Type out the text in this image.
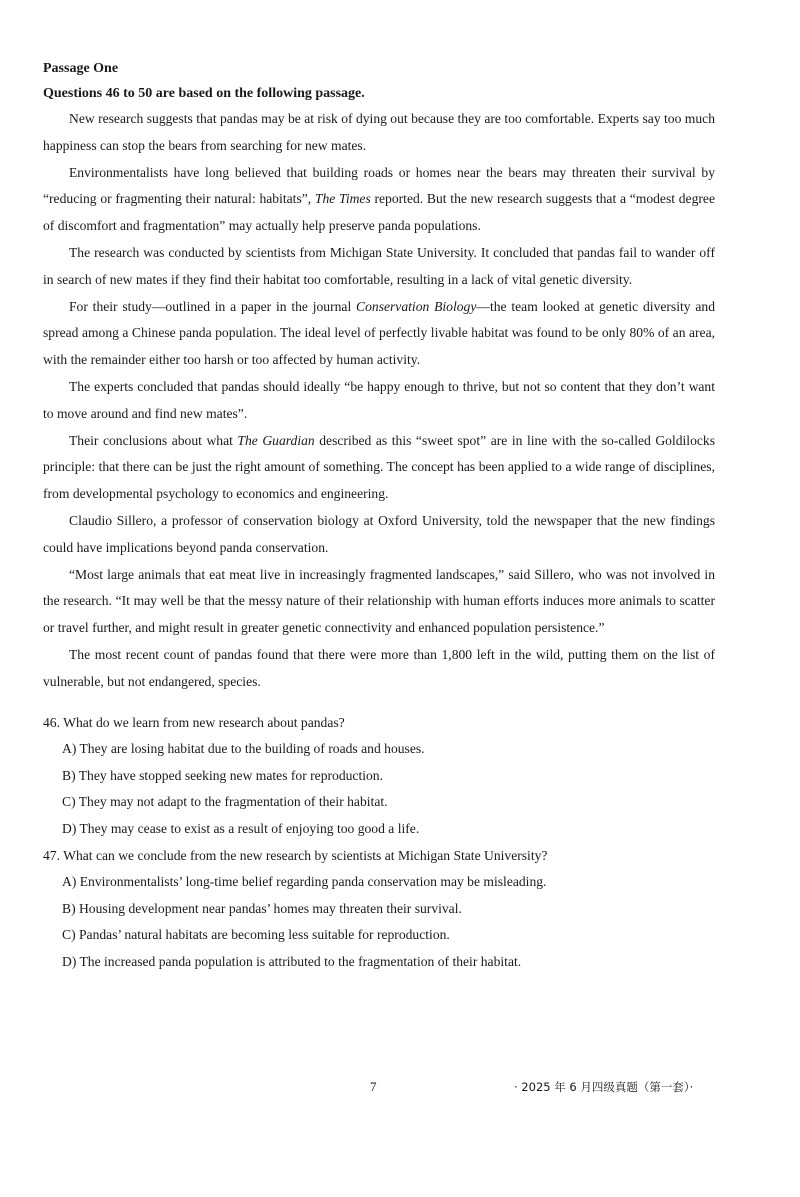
Passage One

Questions 46 to 50 are based on the following passage.

New research suggests that pandas may be at risk of dying out because they are too comfortable. Experts say too much happiness can stop the bears from searching for new mates.

Environmentalists have long believed that building roads or homes near the bears may threaten their survival by “reducing or fragmenting their natural: habitats”, The Times reported. But the new research suggests that a “modest degree of discomfort and fragmentation” may actually help preserve panda populations.

The research was conducted by scientists from Michigan State University. It concluded that pandas fail to wander off in search of new mates if they find their habitat too comfortable, resulting in a lack of vital genetic diversity.

For their study—outlined in a paper in the journal Conservation Biology—the team looked at genetic diversity and spread among a Chinese panda population. The ideal level of perfectly livable habitat was found to be only 80% of an area, with the remainder either too harsh or too affected by human activity.

The experts concluded that pandas should ideally “be happy enough to thrive, but not so content that they don’t want to move around and find new mates”.

Their conclusions about what The Guardian described as this “sweet spot” are in line with the so-called Goldilocks principle: that there can be just the right amount of something. The concept has been applied to a wide range of disciplines, from developmental psychology to economics and engineering.

Claudio Sillero, a professor of conservation biology at Oxford University, told the newspaper that the new findings could have implications beyond panda conservation.

“Most large animals that eat meat live in increasingly fragmented landscapes,” said Sillero, who was not involved in the research. “It may well be that the messy nature of their relationship with human efforts induces more animals to scatter or travel further, and might result in greater genetic connectivity and enhanced population persistence.”

The most recent count of pandas found that there were more than 1,800 left in the wild, putting them on the list of vulnerable, but not endangered, species.

46. What do we learn from new research about pandas?

A) They are losing habitat due to the building of roads and houses.

B) They have stopped seeking new mates for reproduction.

C) They may not adapt to the fragmentation of their habitat.

D) They may cease to exist as a result of enjoying too good a life.

47. What can we conclude from the new research by scientists at Michigan State University?

A) Environmentalists’ long-time belief regarding panda conservation may be misleading.

B) Housing development near pandas’ homes may threaten their survival.

C) Pandas’ natural habitats are becoming less suitable for reproduction.

D) The increased panda population is attributed to the fragmentation of their habitat.

7	· 2025 年 6 月四级真题（第一套）·
